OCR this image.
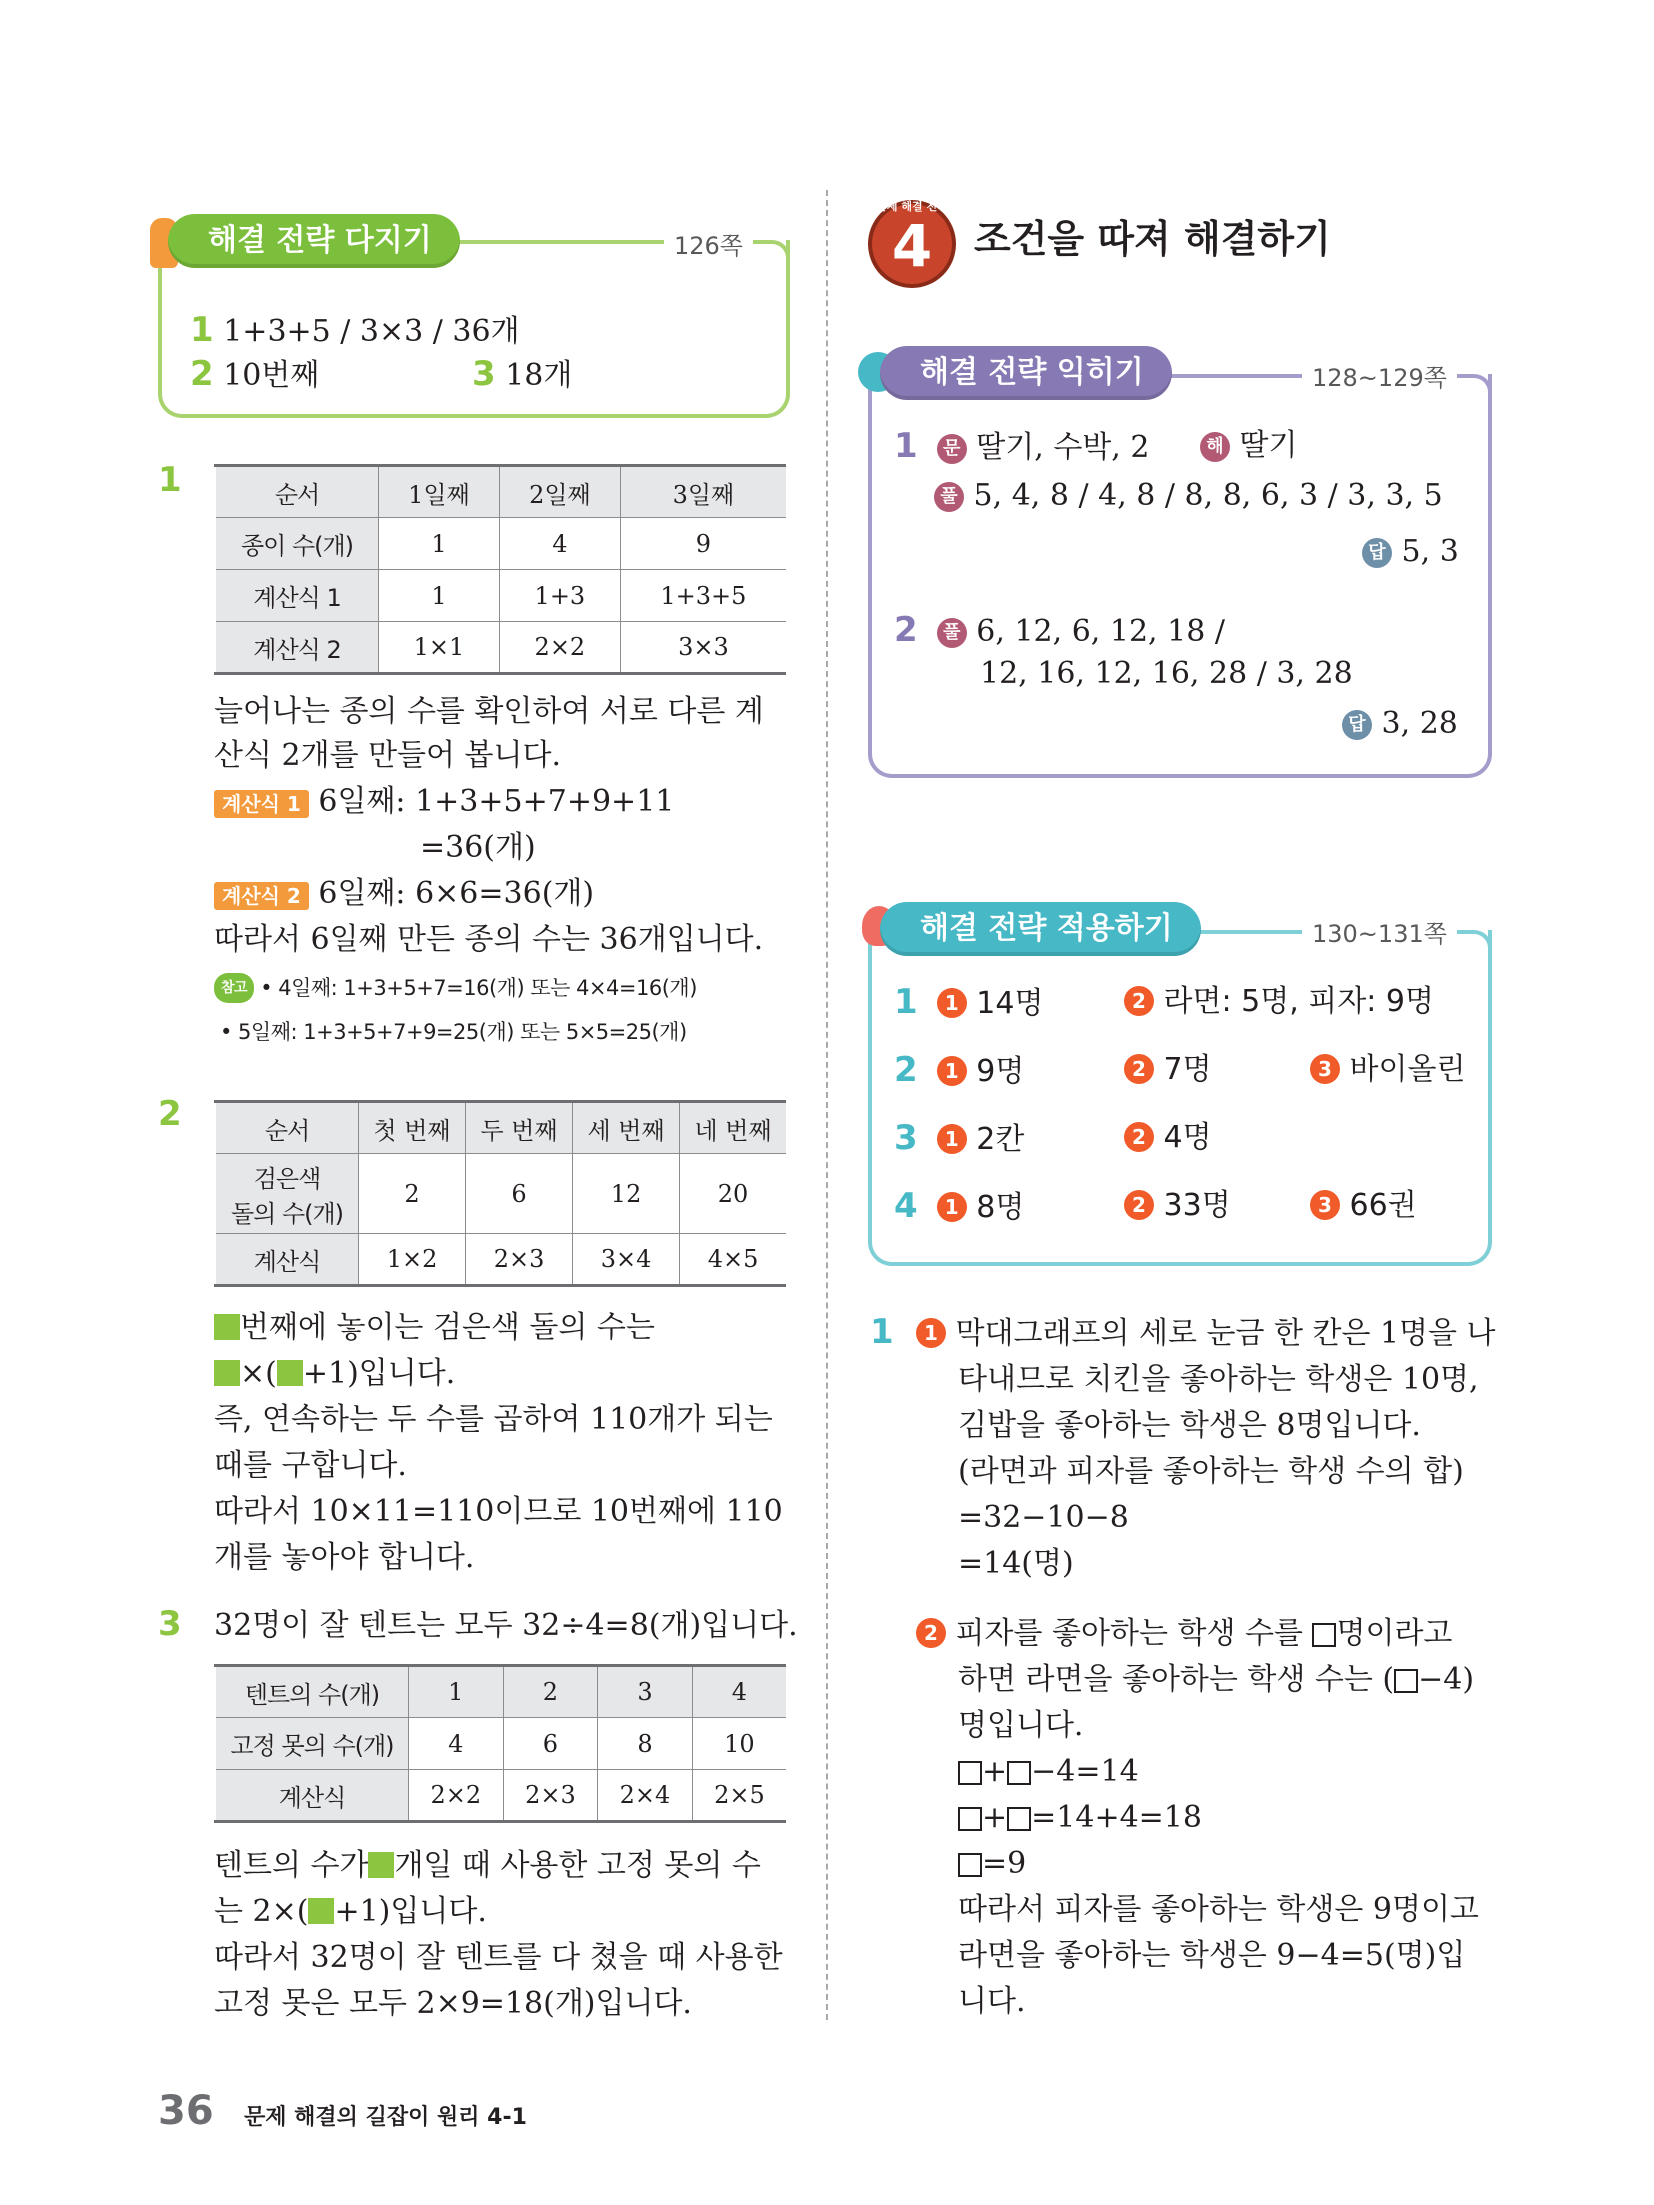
해결 전략 다지기	126쪽
1 1+3+5 / 3×3 / 36개
2 10번째	3 18개
1	순서	1일째	2일째	3일째
종이 수(개)	1	4	9
계산식 1	1	1+3	1+3+5
계산식 2	1×1	2×2	3×3
늘어나는 종의 수를 확인하여 서로 다른 계
산식 2개를 만들어 봅니다.
계산식 1 6일째: 1+3+5+7+9+11
=36(개)
계산식 2 6일째: 6×6=36(개)
따라서 6일째 만든 종의 수는 36개입니다.
참고 • 4일째: 1+3+5+7=16(개) 또는 4×4=16(개)
• 5일째: 1+3+5+7+9=25(개) 또는 5×5=25(개)
2	순서	첫 번째	두 번째	세 번째	네 번째
검은색
돌의 수(개)	2	6	12	20
계산식	1×2	2×3	3×4	4×5
번째에 놓이는 검은색 돌의 수는
×( +1)입니다.
즉, 연속하는 두 수를 곱하여 110개가 되는
때를 구합니다.
따라서 10×11=110이므로 10번째에 110
개를 놓아야 합니다.
3 32명이 잘 텐트는 모두 32÷4=8(개)입니다.
텐트의 수(개)	1	2	3	4
고정 못의 수(개)	4	6	8	10
계산식	2×2	2×3	2×4	2×5
텐트의 수가 개일 때 사용한 고정 못의 수
는 2×( +1)입니다.
따라서 32명이 잘 텐트를 다 쳤을 때 사용한
고정 못은 모두 2×9=18(개)입니다.
문제 해결 전략
4	조건을 따져 해결하기
해결 전략 익히기	128~129쪽
1 문 딸기, 수박, 2	해 딸기
풀 5, 4, 8 / 4, 8 / 8, 8, 6, 3 / 3, 3, 5
답 5, 3
2 풀 6, 12, 6, 12, 18 /
12, 16, 12, 16, 28 / 3, 28
답 3, 28
해결 전략 적용하기	130~131쪽
1 1 14명	2 라면: 5명, 피자: 9명
2 1 9명	2 7명	3 바이올린
3 1 2칸	2 4명
4 1 8명	2 33명	3 66권
1	1 막대그래프의 세로 눈금 한 칸은 1명을 나
타내므로 치킨을 좋아하는 학생은 10명,
김밥을 좋아하는 학생은 8명입니다.
(라면과 피자를 좋아하는 학생 수의 합)
=32−10−8
=14(명)
2 피자를 좋아하는 학생 수를 명이라고
하면 라면을 좋아하는 학생 수는 ( −4)
명입니다.
+ −4=14
+ =14+4=18
=9
따라서 피자를 좋아하는 학생은 9명이고
라면을 좋아하는 학생은 9−4=5(명)입
니다.
36 문제 해결의 길잡이 원리 4-1
